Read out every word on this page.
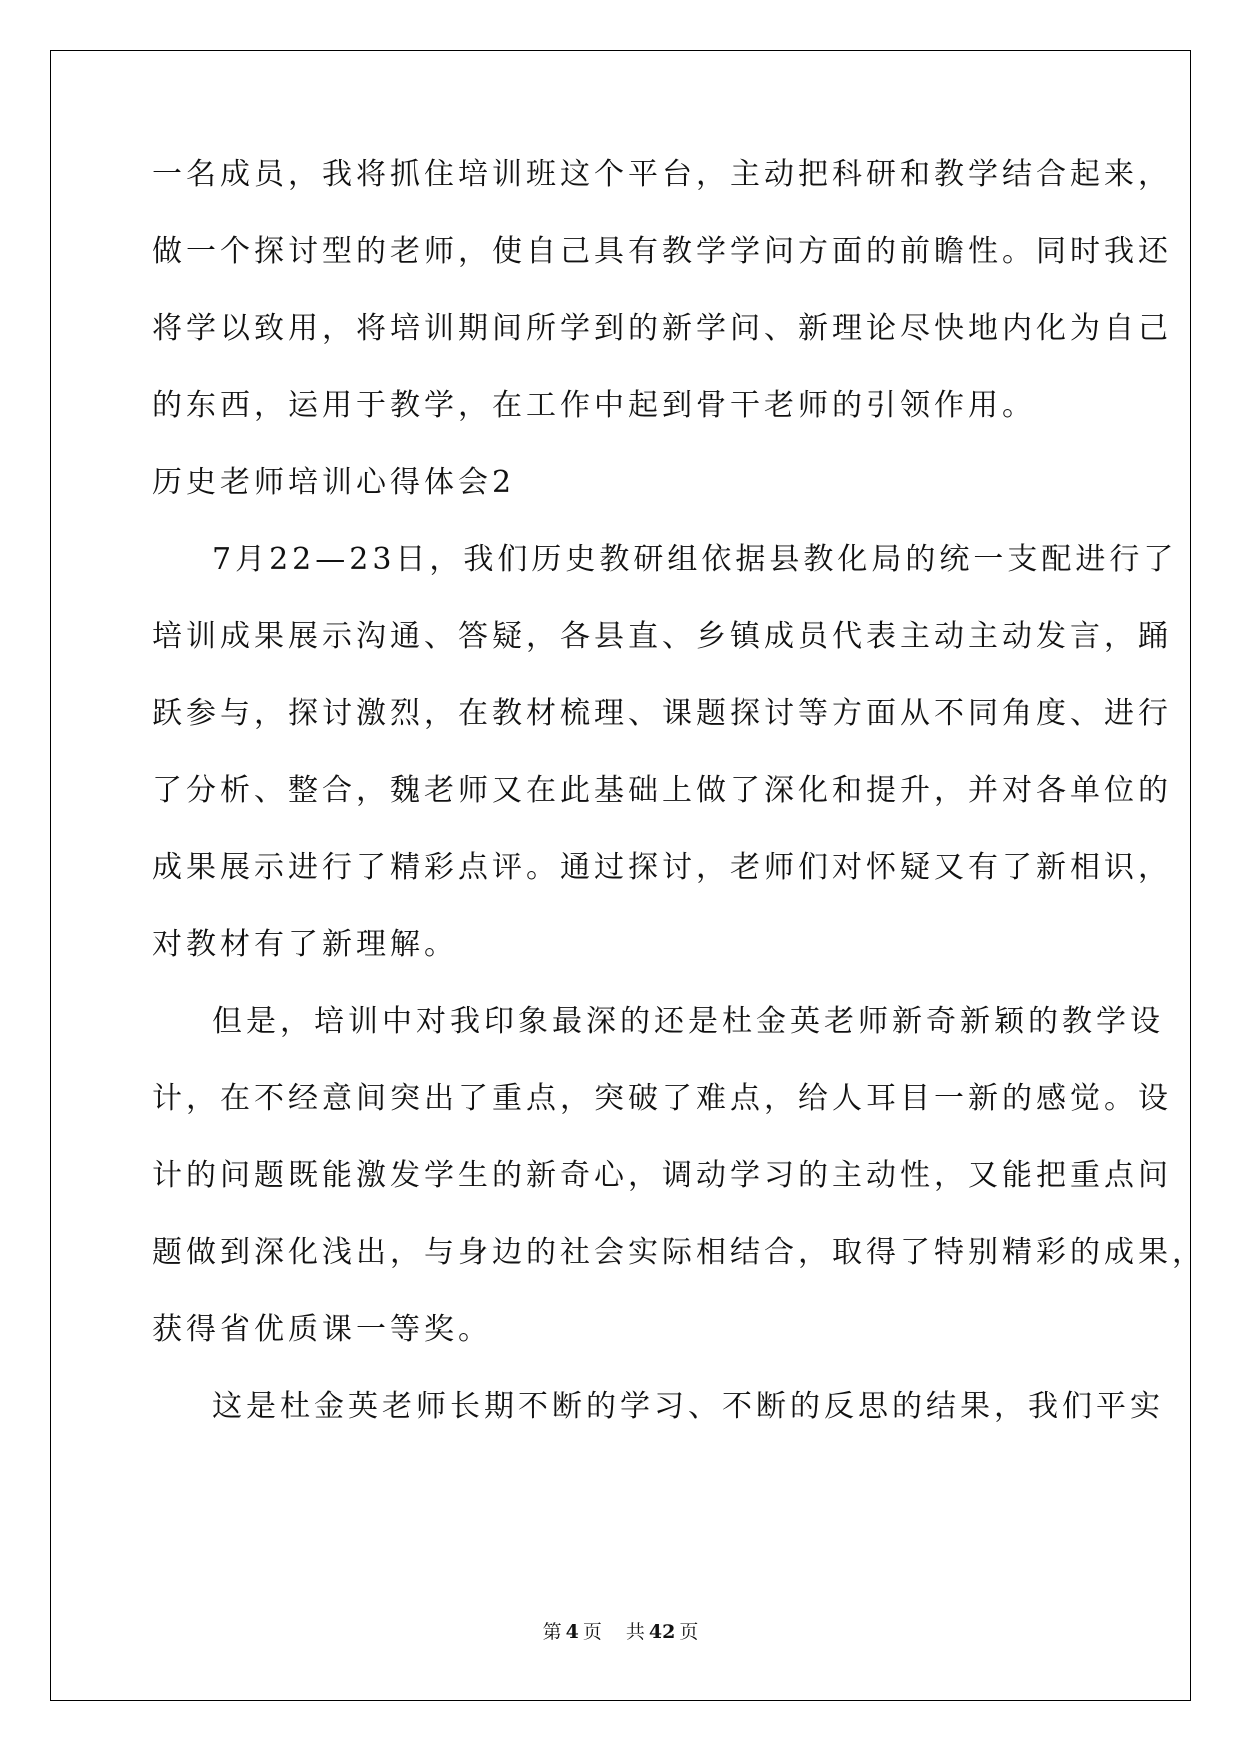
一名成员，我将抓住培训班这个平台，主动把科研和教学结合起来，
做一个探讨型的老师，使自己具有教学学问方面的前瞻性。同时我还
将学以致用，将培训期间所学到的新学问、新理论尽快地内化为自己
的东西，运用于教学，在工作中起到骨干老师的引领作用。
历史老师培训心得体会2
7月22—23日，我们历史教研组依据县教化局的统一支配进行了
培训成果展示沟通、答疑，各县直、乡镇成员代表主动主动发言，踊
跃参与，探讨激烈，在教材梳理、课题探讨等方面从不同角度、进行
了分析、整合，魏老师又在此基础上做了深化和提升，并对各单位的
成果展示进行了精彩点评。通过探讨，老师们对怀疑又有了新相识，
对教材有了新理解。
但是，培训中对我印象最深的还是杜金英老师新奇新颖的教学设
计，在不经意间突出了重点，突破了难点，给人耳目一新的感觉。设
计的问题既能激发学生的新奇心，调动学习的主动性，又能把重点问
题做到深化浅出，与身边的社会实际相结合，取得了特别精彩的成果，
获得省优质课一等奖。
这是杜金英老师长期不断的学习、不断的反思的结果，我们平实
第 4 页 共 42 页
